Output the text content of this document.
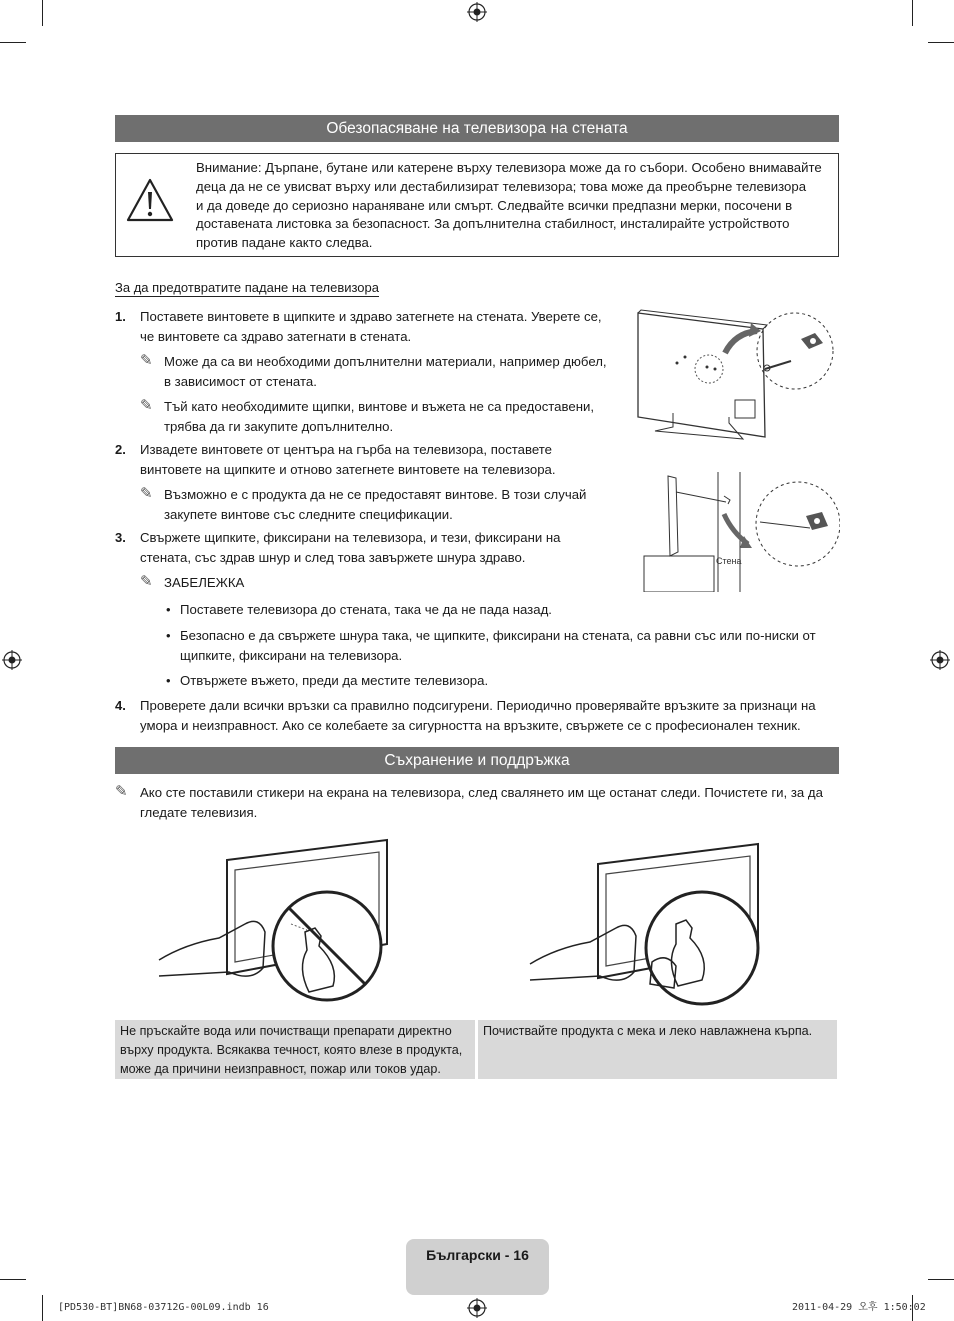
Обезопасяване на телевизора на стената
Внимание: Дърпане, бутане или катерене върху телевизора може да го събори. Особено внимавайте
деца да не се увисват върху или дестабилизират телевизора; това може да преобърне телевизора
и да доведе до сериозно нараняване или смърт. Следвайте всички предпазни мерки, посочени в
доставената листовка за безопасност. За допълнителна стабилност, инсталирайте устройството
против падане както следва.
За да предотвратите падане на телевизора
1. Поставете винтовете в щипките и здраво затегнете на стената. Уверете се,
че винтовете са здраво затегнати в стената.
✎ Може да са ви необходими допълнителни материали, например дюбел,
в зависимост от стената.
✎ Тъй като необходимите щипки, винтове и въжета не са предоставени,
трябва да ги закупите допълнително.
2. Извадете винтовете от центъра на гърба на телевизора, поставете
винтовете на щипките и отново затегнете винтовете на телевизора.
✎ Възможно е с продукта да не се предоставят винтове. В този случай
закупете винтове със следните спецификации.
3. Свържете щипките, фиксирани на телевизора, и тези, фиксирани на
стената, със здрав шнур и след това завържете шнура здраво.
✎ ЗАБЕЛЕЖКА
• Поставете телевизора до стената, така че да не пада назад.
• Безопасно е да свържете шнура така, че щипките, фиксирани на стената, са равни със или по-ниски от
щипките, фиксирани на телевизора.
• Отвържете въжето, преди да местите телевизора.
4. Проверете дали всички връзки са правилно подсигурени. Периодично проверявайте връзките за признаци на
умора и неизправност. Ако се колебаете за сигурността на връзките, свържете се с професионален техник.
Стена
Съхранение и поддръжка
✎ Ако сте поставили стикери на екрана на телевизора, след свалянето им ще останат следи. Почистете ги, за да
гледате телевизия.
Не пръскайте вода или почистващи препарати директно
върху продукта. Всякаква течност, която влезе в продукта,
може да причини неизправност, пожар или токов удар.
Почиствайте продукта с мека и леко навлажнена кърпа.
Български - 16
[PD530-BT]BN68-03712G-00L09.indb 16	2011-04-29 오후 1:50:02
